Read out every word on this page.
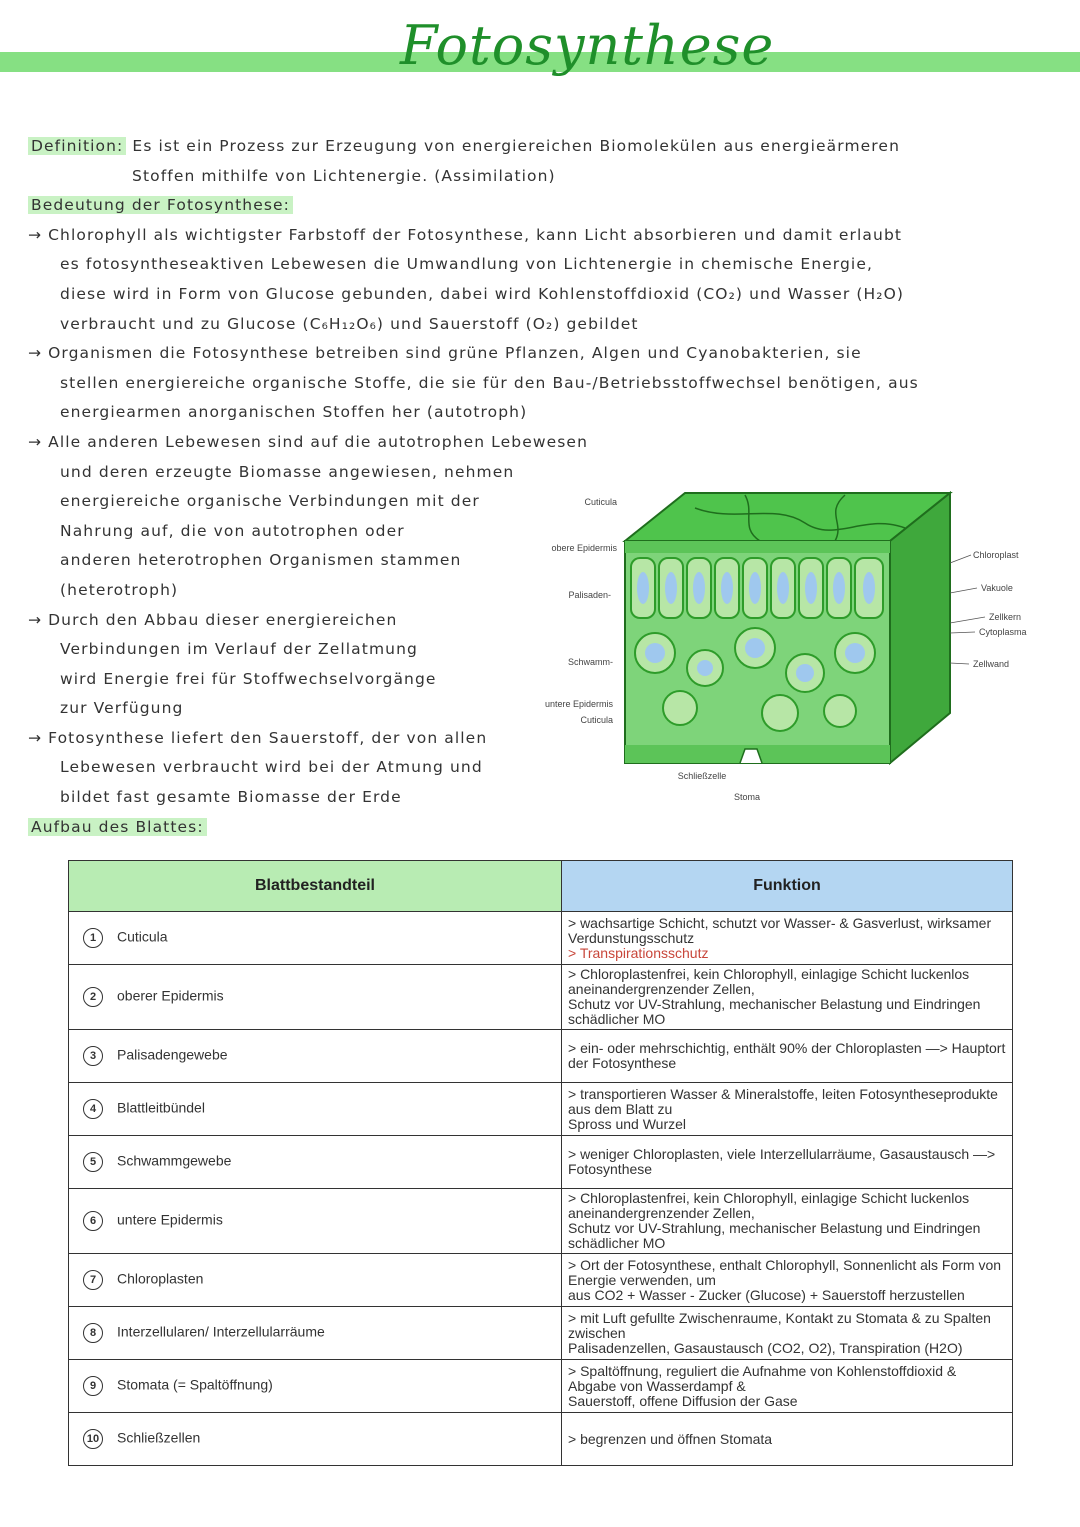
Fotosynthese
Definition: Es ist ein Prozess zur Erzeugung von energiereichen Biomolekülen aus energieärmeren
Stoffen mithilfe von Lichtenergie. (Assimilation)
Bedeutung der Fotosynthese:
→ Chlorophyll als wichtigster Farbstoff der Fotosynthese, kann Licht absorbieren und damit erlaubt
es fotosyntheseaktiven Lebewesen die Umwandlung von Lichtenergie in chemische Energie,
diese wird in Form von Glucose gebunden, dabei wird Kohlenstoffdioxid (CO₂) und Wasser (H₂O)
verbraucht und zu Glucose (C₆H₁₂O₆) und Sauerstoff (O₂) gebildet
→ Organismen die Fotosynthese betreiben sind grüne Pflanzen, Algen und Cyanobakterien, sie
stellen energiereiche organische Stoffe, die sie für den Bau-/Betriebsstoffwechsel benötigen, aus
energiearmen anorganischen Stoffen her (autotroph)
→ Alle anderen Lebewesen sind auf die autotrophen Lebewesen
und deren erzeugte Biomasse angewiesen, nehmen
energiereiche organische Verbindungen mit der
Nahrung auf, die von autotrophen oder
anderen heterotrophen Organismen stammen
(heterotroph)
→ Durch den Abbau dieser energiereichen
Verbindungen im Verlauf der Zellatmung
wird Energie frei für Stoffwechselvorgänge
zur Verfügung
→ Fotosynthese liefert den Sauerstoff, der von allen
Lebewesen verbraucht wird bei der Atmung und
bildet fast gesamte Biomasse der Erde
Aufbau des Blattes:
Cuticula
obere Epidermis
Palisaden-
Schwamm-
untere Epidermis
Cuticula
Chloroplast
Vakuole
Zellkern
Cytoplasma
Zellwand
Schließzelle
Stoma
Blattbestandteil	Funktion
1 Cuticula	> wachsartige Schicht, schutzt vor Wasser- & Gasverlust, wirksamer Verdunstungsschutz
> Transpirationsschutz

2 oberer Epidermis	> Chloroplastenfrei, kein Chlorophyll, einlagige Schicht luckenlos aneinandergrenzender Zellen,
Schutz vor UV-Strahlung, mechanischer Belastung und Eindringen schädlicher MO

3 Palisadengewebe	> ein- oder mehrschichtig, enthält 90% der Chloroplasten —> Hauptort der Fotosynthese

4 Blattleitbündel	> transportieren Wasser & Mineralstoffe, leiten Fotosyntheseprodukte aus dem Blatt zu
Spross und Wurzel

5 Schwammgewebe	> weniger Chloroplasten, viele Interzellularräume, Gasaustausch —> Fotosynthese

6 untere Epidermis	> Chloroplastenfrei, kein Chlorophyll, einlagige Schicht luckenlos aneinandergrenzender Zellen,
Schutz vor UV-Strahlung, mechanischer Belastung und Eindringen schädlicher MO

7 Chloroplasten	> Ort der Fotosynthese, enthalt Chlorophyll, Sonnenlicht als Form von Energie verwenden, um
aus CO2 + Wasser - Zucker (Glucose) + Sauerstoff herzustellen

8 Interzellularen/ Interzellularräume	> mit Luft gefullte Zwischenraume, Kontakt zu Stomata & zu Spalten zwischen
Palisadenzellen, Gasaustausch (CO2, O2), Transpiration (H2O)

9 Stomata (= Spaltöffnung)	> Spaltöffnung, reguliert die Aufnahme von Kohlenstoffdioxid & Abgabe von Wasserdampf &
Sauerstoff, offene Diffusion der Gase

10 Schließzellen	> begrenzen und öffnen Stomata
